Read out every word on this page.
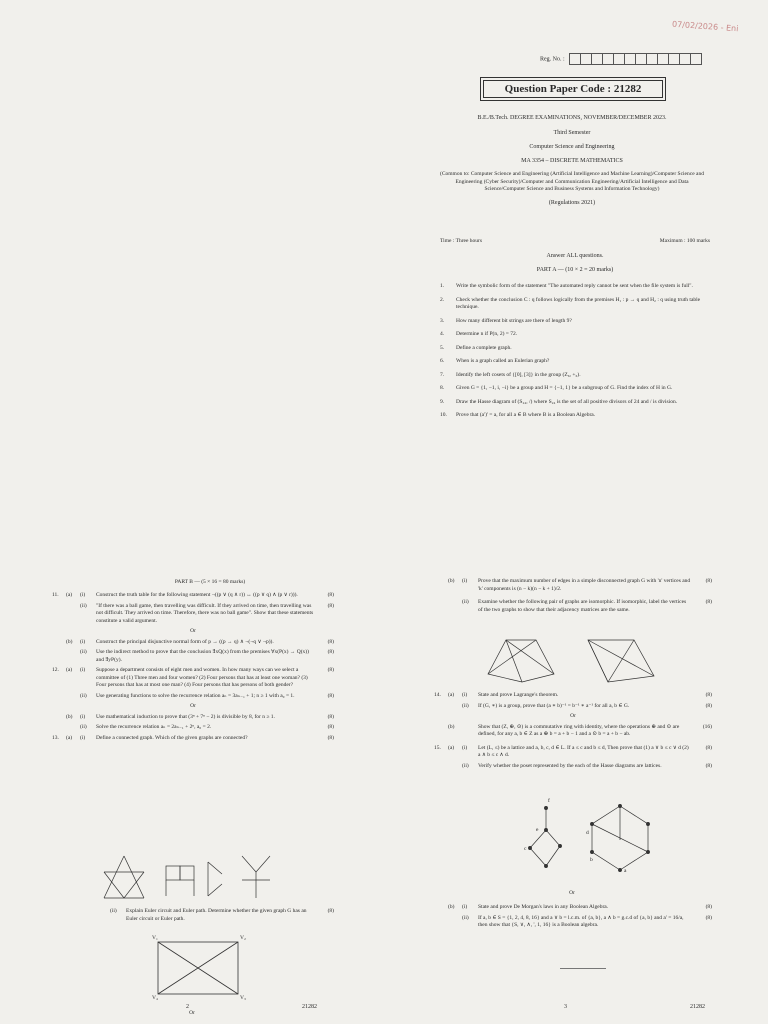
07/02/2026 - Eni
Reg. No. :
Question Paper Code : 21282
B.E./B.Tech. DEGREE EXAMINATIONS, NOVEMBER/DECEMBER 2023.
Third Semester
Computer Science and Engineering
MA 3354 – DISCRETE MATHEMATICS
(Common to: Computer Science and Engineering (Artificial Intelligence and Machine Learning)/Computer Science and Engineering (Cyber Security)/Computer and Communication Engineering/Artificial Intelligence and Data Science/Computer Science and Business Systems and Information Technology)
(Regulations 2021)
Time : Three hours	Maximum : 100 marks
Answer ALL questions.
PART A — (10 × 2 = 20 marks)
1.	Write the symbolic form of the statement "The automated reply cannot be sent when the file system is full".
2.	Check whether the conclusion C : q follows logically from the premises H₁ : p → q and H₂ : q using truth table technique.
3.	How many different bit strings are there of length 9?
4.	Determine n if P(n, 2) = 72.
5.	Define a complete graph.
6.	When is a graph called an Eulerian graph?
7.	Identify the left cosets of {[0], [3]} in the group (Z₆, +₆).
8.	Given G = {1, −1, i, −i} be a group and H = {−1, 1} be a subgroup of G. Find the index of H in G.
9.	Draw the Hasse diagram of (S₂₄, /) where S₂₄ is the set of all positive divisors of 24 and / is division.
10.	Prove that (a')' = a, for all a ∈ B where B is a Boolean Algebra.
PART B — (5 × 16 = 80 marks)
11.	(a)	(i)	Construct the truth table for the following statement ¬((p ∨ (q ∧ r)) ↔ ((p ∨ q) ∧ (p ∨ r))).	(8)
(ii)	"If there was a ball game, then travelling was difficult. If they arrived on time, then travelling was not difficult. They arrived on time. Therefore, there was no ball game". Show that these statements constitute a valid argument.
(8)
Or
(b)	(i)	Construct the principal disjunctive normal form of p → ((p → q) ∧ ¬(¬q ∨ ¬p)).	(8)
(ii)	Use the indirect method to prove that the conclusion ∃xQ(x) from the premises ∀x(P(x) → Q(x)) and ∃yP(y).
(8)
12.	(a)	(i)	Suppose a department consists of eight men and women. In how many ways can we select a committee of (1) Three men and four women? (2) Four persons that has at least one woman? (3) Four persons that has at most one man? (4) Four persons that has persons of both gender?
(8)
(ii)	Use generating functions to solve the recurrence relation aₙ = 3aₙ₋₁ + 1; n ≥ 1 with a₀ = 1.	(8)
Or
(b)	(i)	Use mathematical induction to prove that (3ⁿ + 7ⁿ − 2) is divisible by 8, for n ≥ 1.	(8)
(ii)	Solve the recurrence relation aₙ = 2aₙ₋₁ + 2ⁿ, a₀ = 2.	(8)
13.	(a)	(i)	Define a connected graph. Which of the given graphs are connected?	(8)
(ii)	Explain Euler circuit and Euler path. Determine whether the given graph G has an Euler circuit or Euler path.
(8)
V₁	V₂
V₃
V₄
Or
2	21282
(b)	(i)	Prove that the maximum number of edges in a simple disconnected graph G with 'n' vertices and 'k' components is (n − k)(n − k + 1)/2.
(8)
(ii)	Examine whether the following pair of graphs are isomorphic. If isomorphic, label the vertices of the two graphs to show that their adjacency matrices are the same.
(8)
14.	(a)	(i)	State and prove Lagrange's theorem.	(8)
(ii)	If (G, ∗) is a group, prove that (a ∗ b)⁻¹ = b⁻¹ ∗ a⁻¹ for all a, b ∈ G.	(8)
Or
(b)	Show that (Z, ⊕, ⊙) is a commutative ring with identity, where the operations ⊕ and ⊙ are defined, for any a, b ∈ Z as a ⊕ b = a + b − 1 and a ⊙ b = a + b − ab.
(16)
15.	(a)	(i)	Let (L, ≤) be a lattice and a, b, c, d ∈ L. If a ≤ c and b ≤ d, Then prove that (1) a ∨ b ≤ c ∨ d (2) a ∧ b ≤ c ∧ d.
(8)
(ii)	Verify whether the poset represented by the each of the Hasse diagrams are lattices.	(8)
f
e
c
d
b
a
Or
(b)	(i)	State and prove De Morgan's laws in any Boolean Algebra.	(8)
(ii)	If a, b ∈ S = {1, 2, 4, 8, 16} and a ∨ b = l.c.m. of {a, b}, a ∧ b = g.c.d of {a, b} and a' = 16/a, then show that {S, ∨, ∧, ', 1, 16} is a Boolean algebra.
(8)
3	21282
